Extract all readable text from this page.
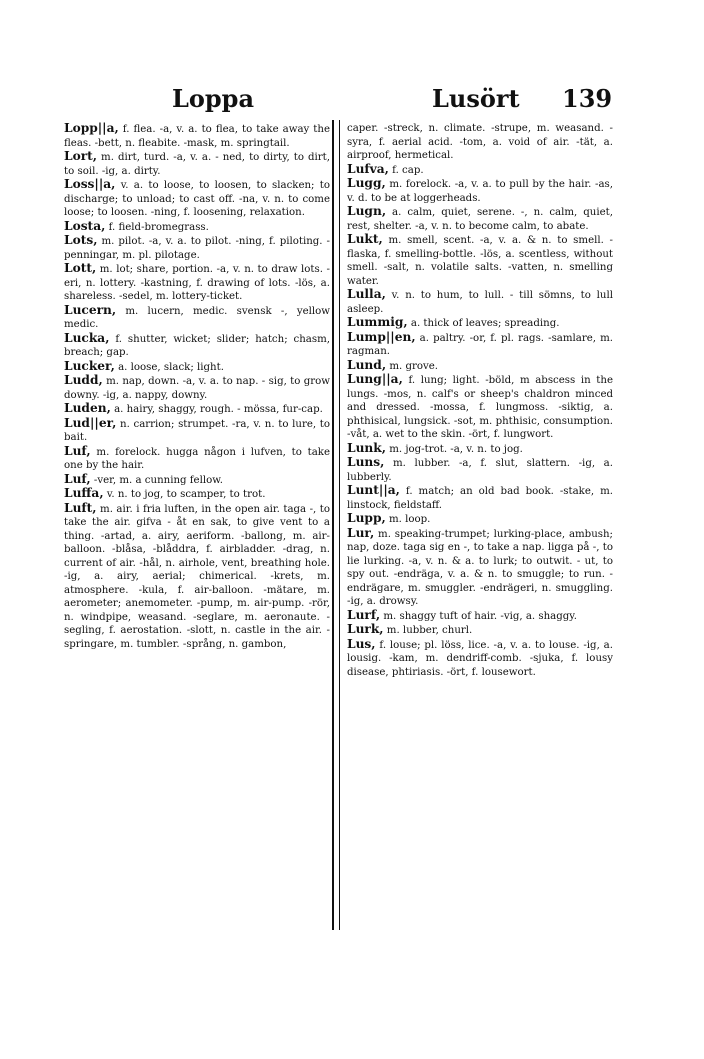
Loppa	Lusört 139

Lopp||a, f. flea. -a, v. a. to flea, to take away the fleas. -bett, n. fleabite. -mask, m. springtail.

Lort, m. dirt, turd. -a, v. a. - ned, to dirty, to dirt, to soil. -ig, a. dirty.

Loss||a, v. a. to loose, to loosen, to slacken; to discharge; to unload; to cast off. -na, v. n. to come loose; to loosen. -ning, f. loosening, relaxation.

Losta, f. field-bromegrass.

Lots, m. pilot. -a, v. a. to pilot. -ning, f. piloting. -penningar, m. pl. pilotage.

Lott, m. lot; share, portion. -a, v. n. to draw lots. -eri, n. lottery. -kastning, f. drawing of lots. -lös, a. shareless. -sedel, m. lottery-ticket.

Lucern, m. lucern, medic. svensk -, yellow medic.

Lucka, f. shutter, wicket; slider; hatch; chasm, breach; gap.

Lucker, a. loose, slack; light.

Ludd, m. nap, down. -a, v. a. to nap. - sig, to grow downy. -ig, a. nappy, downy.

Luden, a. hairy, shaggy, rough. - mössa, fur-cap.

Lud||er, n. carrion; strumpet. -ra, v. n. to lure, to bait.

Luf, m. forelock. hugga någon i lufven, to take one by the hair.

Luf, -ver, m. a cunning fellow.

Luffa, v. n. to jog, to scamper, to trot.

Luft, m. air. i fria luften, in the open air. taga -, to take the air. gifva - åt en sak, to give vent to a thing. -artad, a. airy, aeriform. -ballong, m. air-balloon. -blåsa, -blåddra, f. airbladder. -drag, n. current of air. -hål, n. airhole, vent, breathing hole. -ig, a. airy, aerial; chimerical. -krets, m. atmosphere. -kula, f. air-balloon. -mätare, m. aerometer; anemometer. -pump, m. air-pump. -rör, n. windpipe, weasand. -seglare, m. aeronaute. -segling, f. aerostation. -slott, n. castle in the air. -springare, m. tumbler. -språng, n. gambon,

caper. -streck, n. climate. -strupe, m. weasand. -syra, f. aerial acid. -tom, a. void of air. -tät, a. airproof, hermetical.

Lufva, f. cap.

Lugg, m. forelock. -a, v. a. to pull by the hair. -as, v. d. to be at loggerheads.

Lugn, a. calm, quiet, serene. -, n. calm, quiet, rest, shelter. -a, v. n. to become calm, to abate.

Lukt, m. smell, scent. -a, v. a. & n. to smell. -flaska, f. smelling-bottle. -lös, a. scentless, without smell. -salt, n. volatile salts. -vatten, n. smelling water.

Lulla, v. n. to hum, to lull. - till sömns, to lull asleep.

Lummig, a. thick of leaves; spreading.

Lump||en, a. paltry. -or, f. pl. rags. -samlare, m. ragman.

Lund, m. grove.

Lung||a, f. lung; light. -böld, m abscess in the lungs. -mos, n. calf's or sheep's chaldron minced and dressed. -mossa, f. lungmoss. -siktig, a. phthisical, lungsick. -sot, m. phthisic, consumption. -våt, a. wet to the skin. -ört, f. lungwort.

Lunk, m. jog-trot. -a, v. n. to jog.

Luns, m. lubber. -a, f. slut, slattern. -ig, a. lubberly.

Lunt||a, f. match; an old bad book. -stake, m. linstock, fieldstaff.

Lupp, m. loop.

Lur, m. speaking-trumpet; lurking-place, ambush; nap, doze. taga sig en -, to take a nap. ligga på -, to lie lurking. -a, v. n. & a. to lurk; to outwit. - ut, to spy out. -endräga, v. a. & n. to smuggle; to run. -endrägare, m. smuggler. -endrägeri, n. smuggling. -ig, a. drowsy.

Lurf, m. shaggy tuft of hair. -vig, a. shaggy.

Lurk, m. lubber, churl.

Lus, f. louse; pl. löss, lice. -a, v. a. to louse. -ig, a. lousig. -kam, m. dendriff-comb. -sjuka, f. lousy disease, phtiriasis. -ört, f. lousewort.
